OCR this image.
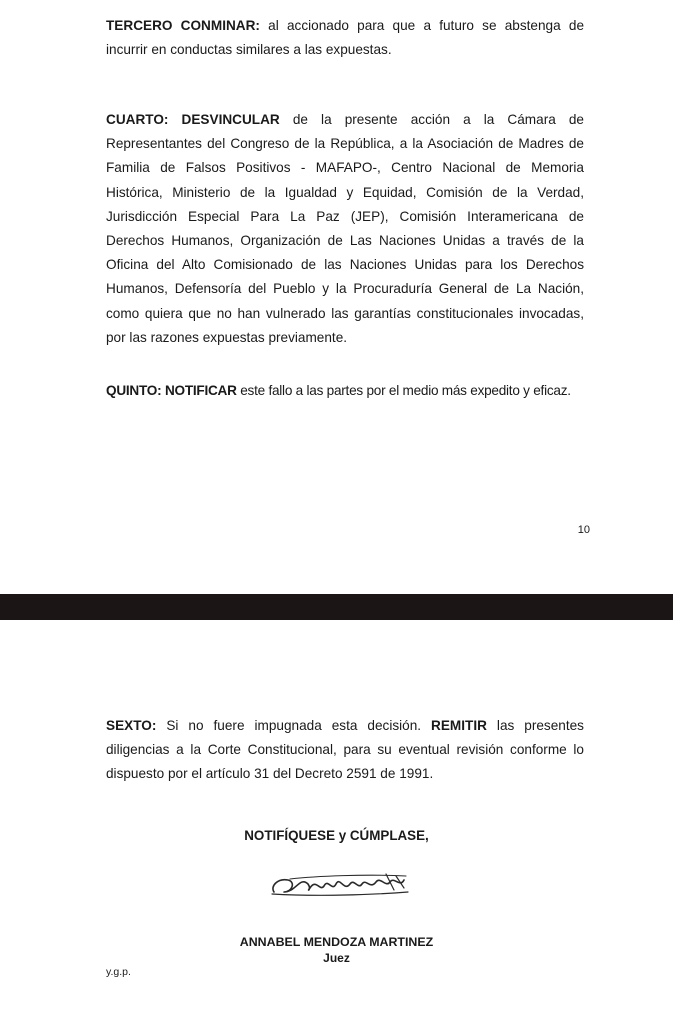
TERCERO CONMINAR: al accionado para que a futuro se abstenga de incurrir en conductas similares a las expuestas.

CUARTO: DESVINCULAR de la presente acción a la Cámara de Representantes del Congreso de la República, a la Asociación de Madres de Familia de Falsos Positivos - MAFAPO-, Centro Nacional de Memoria Histórica, Ministerio de la Igualdad y Equidad, Comisión de la Verdad, Jurisdicción Especial Para La Paz (JEP), Comisión Interamericana de Derechos Humanos, Organización de Las Naciones Unidas a través de la Oficina del Alto Comisionado de las Naciones Unidas para los Derechos Humanos, Defensoría del Pueblo y la Procuraduría General de La Nación, como quiera que no han vulnerado las garantías constitucionales invocadas, por las razones expuestas previamente.

QUINTO: NOTIFICAR este fallo a las partes por el medio más expedito y eficaz.

10

SEXTO: Si no fuere impugnada esta decisión. REMITIR las presentes diligencias a la Corte Constitucional, para su eventual revisión conforme lo dispuesto por el artículo 31 del Decreto 2591 de 1991.

NOTIFÍQUESE y CÚMPLASE,
ANNABEL MENDOZA MARTINEZ
Juez
y.g.p.
